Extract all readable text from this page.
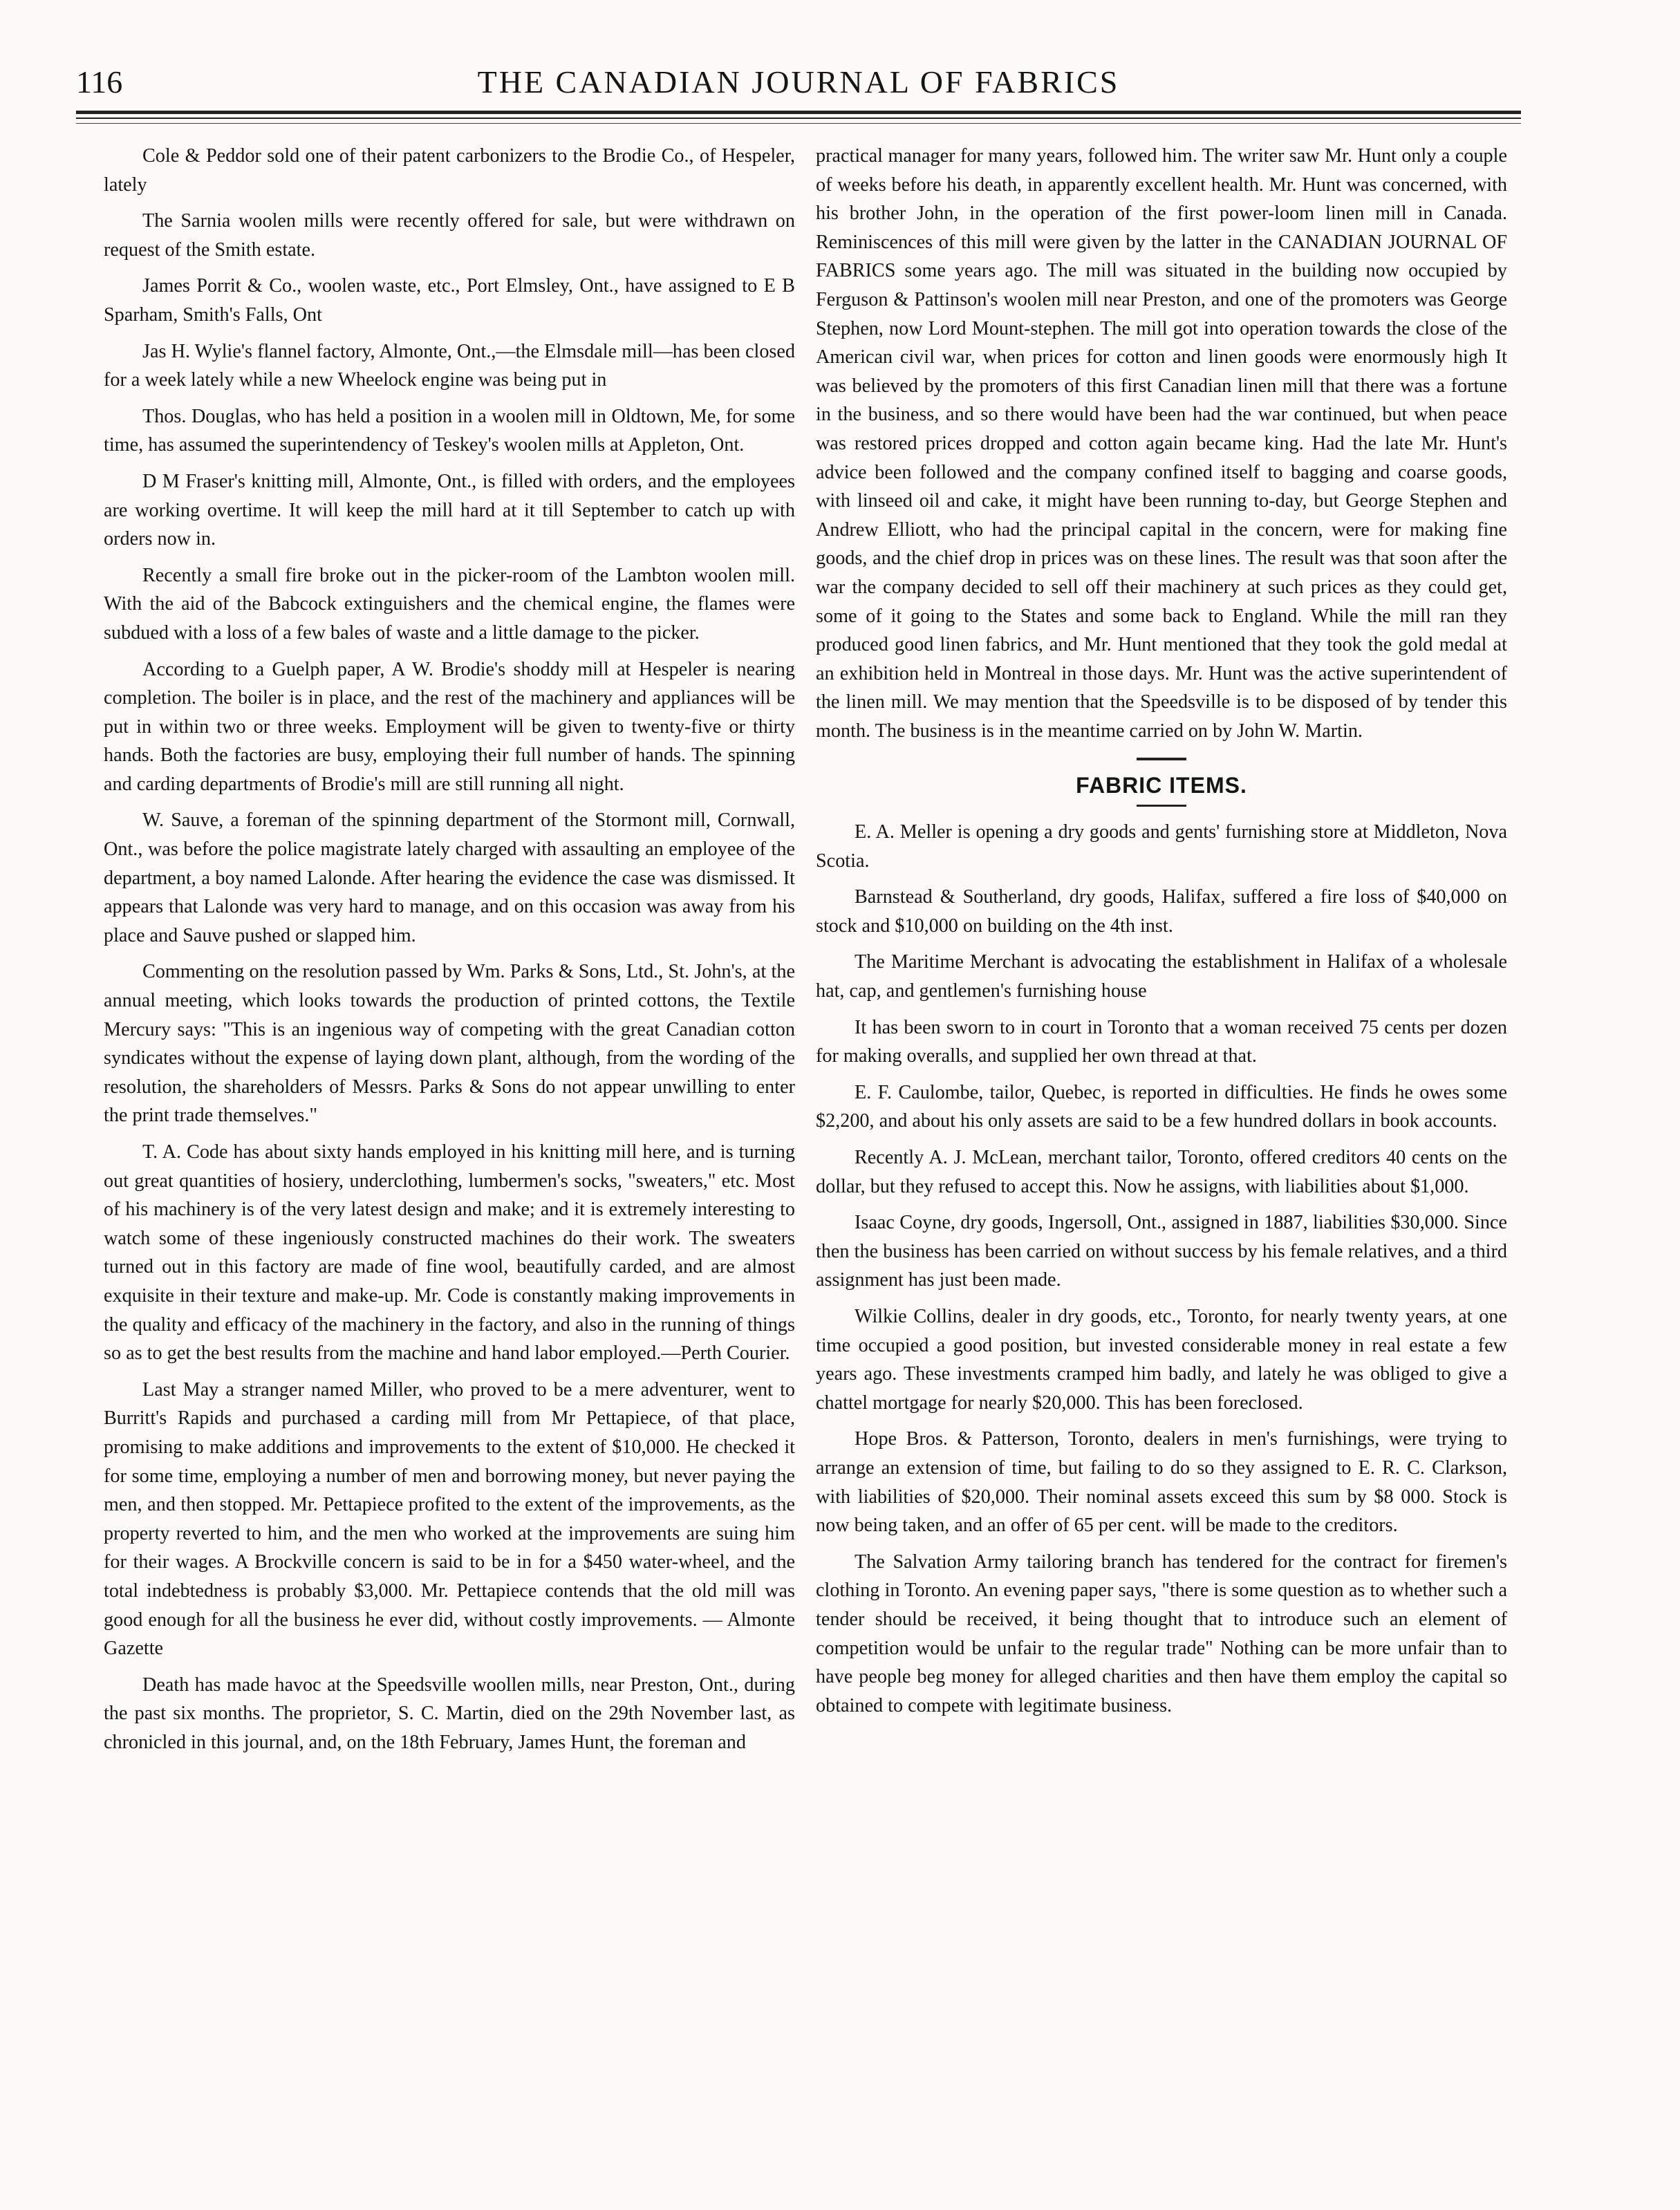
116	THE CANADIAN JOURNAL OF FABRICS

Cole & Peddor sold one of their patent carbonizers to the Brodie Co., of Hespeler, lately

The Sarnia woolen mills were recently offered for sale, but were withdrawn on request of the Smith estate.

James Porrit & Co., woolen waste, etc., Port Elmsley, Ont., have assigned to E B Sparham, Smith's Falls, Ont

Jas H. Wylie's flannel factory, Almonte, Ont.,—the Elmsdale mill—has been closed for a week lately while a new Wheelock engine was being put in

Thos. Douglas, who has held a position in a woolen mill in Oldtown, Me, for some time, has assumed the superintendency of Teskey's woolen mills at Appleton, Ont.

D M Fraser's knitting mill, Almonte, Ont., is filled with orders, and the employees are working overtime. It will keep the mill hard at it till September to catch up with orders now in.

Recently a small fire broke out in the picker-room of the Lambton woolen mill. With the aid of the Babcock extinguishers and the chemical engine, the flames were subdued with a loss of a few bales of waste and a little damage to the picker.

According to a Guelph paper, A W. Brodie's shoddy mill at Hespeler is nearing completion. The boiler is in place, and the rest of the machinery and appliances will be put in within two or three weeks. Employment will be given to twenty-five or thirty hands. Both the factories are busy, employing their full number of hands. The spinning and carding departments of Brodie's mill are still running all night.

W. Sauve, a foreman of the spinning department of the Stormont mill, Cornwall, Ont., was before the police magistrate lately charged with assaulting an employee of the department, a boy named Lalonde. After hearing the evidence the case was dismissed. It appears that Lalonde was very hard to manage, and on this occasion was away from his place and Sauve pushed or slapped him.

Commenting on the resolution passed by Wm. Parks & Sons, Ltd., St. John's, at the annual meeting, which looks towards the production of printed cottons, the Textile Mercury says: "This is an ingenious way of competing with the great Canadian cotton syndicates without the expense of laying down plant, although, from the wording of the resolution, the shareholders of Messrs. Parks & Sons do not appear unwilling to enter the print trade themselves."

T. A. Code has about sixty hands employed in his knitting mill here, and is turning out great quantities of hosiery, underclothing, lumbermen's socks, "sweaters," etc. Most of his machinery is of the very latest design and make; and it is extremely interesting to watch some of these ingeniously constructed machines do their work. The sweaters turned out in this factory are made of fine wool, beautifully carded, and are almost exquisite in their texture and make-up. Mr. Code is constantly making improvements in the quality and efficacy of the machinery in the factory, and also in the running of things so as to get the best results from the machine and hand labor employed.—Perth Courier.

Last May a stranger named Miller, who proved to be a mere adventurer, went to Burritt's Rapids and purchased a carding mill from Mr Pettapiece, of that place, promising to make additions and improvements to the extent of $10,000. He checked it for some time, employing a number of men and borrowing money, but never paying the men, and then stopped. Mr. Pettapiece profited to the extent of the improvements, as the property reverted to him, and the men who worked at the improvements are suing him for their wages. A Brockville concern is said to be in for a $450 water-wheel, and the total indebtedness is probably $3,000. Mr. Pettapiece contends that the old mill was good enough for all the business he ever did, without costly improvements. — Almonte Gazette

Death has made havoc at the Speedsville woollen mills, near Preston, Ont., during the past six months. The proprietor, S. C. Martin, died on the 29th November last, as chronicled in this journal, and, on the 18th February, James Hunt, the foreman and

practical manager for many years, followed him. The writer saw Mr. Hunt only a couple of weeks before his death, in apparently excellent health. Mr. Hunt was concerned, with his brother John, in the operation of the first power-loom linen mill in Canada. Reminiscences of this mill were given by the latter in the CANADIAN JOURNAL OF FABRICS some years ago. The mill was situated in the building now occupied by Ferguson & Pattinson's woolen mill near Preston, and one of the promoters was George Stephen, now Lord Mount-stephen. The mill got into operation towards the close of the American civil war, when prices for cotton and linen goods were enormously high It was believed by the promoters of this first Canadian linen mill that there was a fortune in the business, and so there would have been had the war continued, but when peace was restored prices dropped and cotton again became king. Had the late Mr. Hunt's advice been followed and the company confined itself to bagging and coarse goods, with linseed oil and cake, it might have been running to-day, but George Stephen and Andrew Elliott, who had the principal capital in the concern, were for making fine goods, and the chief drop in prices was on these lines. The result was that soon after the war the company decided to sell off their machinery at such prices as they could get, some of it going to the States and some back to England. While the mill ran they produced good linen fabrics, and Mr. Hunt mentioned that they took the gold medal at an exhibition held in Montreal in those days. Mr. Hunt was the active superintendent of the linen mill. We may mention that the Speedsville is to be disposed of by tender this month. The business is in the meantime carried on by John W. Martin.

FABRIC ITEMS.

E. A. Meller is opening a dry goods and gents' furnishing store at Middleton, Nova Scotia.

Barnstead & Southerland, dry goods, Halifax, suffered a fire loss of $40,000 on stock and $10,000 on building on the 4th inst.

The Maritime Merchant is advocating the establishment in Halifax of a wholesale hat, cap, and gentlemen's furnishing house

It has been sworn to in court in Toronto that a woman received 75 cents per dozen for making overalls, and supplied her own thread at that.

E. F. Caulombe, tailor, Quebec, is reported in difficulties. He finds he owes some $2,200, and about his only assets are said to be a few hundred dollars in book accounts.

Recently A. J. McLean, merchant tailor, Toronto, offered creditors 40 cents on the dollar, but they refused to accept this. Now he assigns, with liabilities about $1,000.

Isaac Coyne, dry goods, Ingersoll, Ont., assigned in 1887, liabilities $30,000. Since then the business has been carried on without success by his female relatives, and a third assignment has just been made.

Wilkie Collins, dealer in dry goods, etc., Toronto, for nearly twenty years, at one time occupied a good position, but invested considerable money in real estate a few years ago. These investments cramped him badly, and lately he was obliged to give a chattel mortgage for nearly $20,000. This has been foreclosed.

Hope Bros. & Patterson, Toronto, dealers in men's furnishings, were trying to arrange an extension of time, but failing to do so they assigned to E. R. C. Clarkson, with liabilities of $20,000. Their nominal assets exceed this sum by $8 000. Stock is now being taken, and an offer of 65 per cent. will be made to the creditors.

The Salvation Army tailoring branch has tendered for the contract for firemen's clothing in Toronto. An evening paper says, "there is some question as to whether such a tender should be received, it being thought that to introduce such an element of competition would be unfair to the regular trade" Nothing can be more unfair than to have people beg money for alleged charities and then have them employ the capital so obtained to compete with legitimate business.
